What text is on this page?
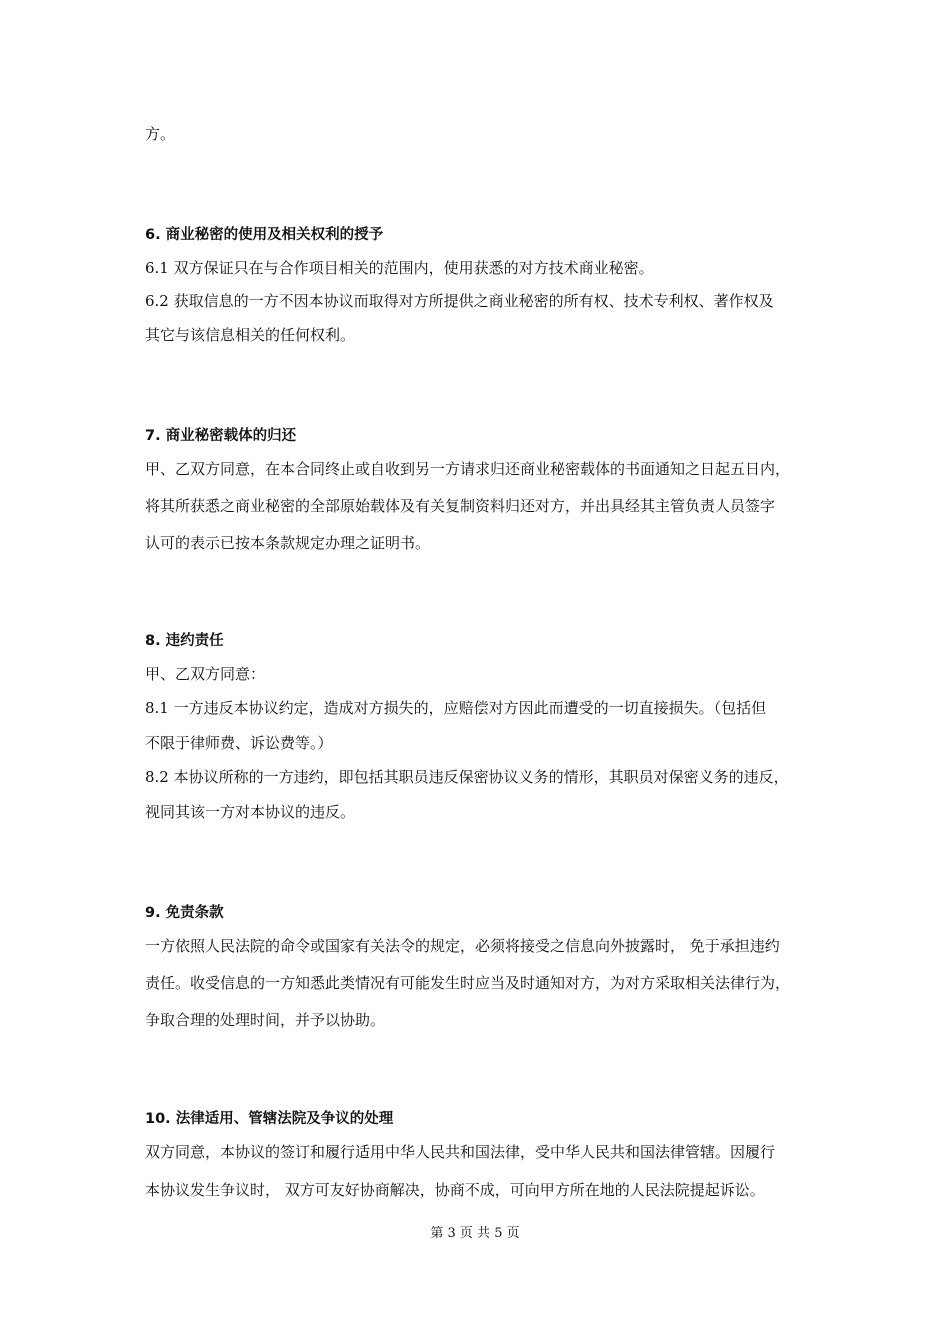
方。

6. 商业秘密的使用及相关权利的授予

6.1 双方保证只在与合作项目相关的范围内，使用获悉的对方技术商业秘密。

6.2 获取信息的一方不因本协议而取得对方所提供之商业秘密的所有权、技术专利权、著作权及

其它与该信息相关的任何权利。

7. 商业秘密载体的归还

甲、乙双方同意，在本合同终止或自收到另一方请求归还商业秘密载体的书面通知之日起五日内，

将其所获悉之商业秘密的全部原始载体及有关复制资料归还对方，并出具经其主管负责人员签字

认可的表示已按本条款规定办理之证明书。

8. 违约责任

甲、乙双方同意：

8.1 一方违反本协议约定，造成对方损失的，应赔偿对方因此而遭受的一切直接损失。（包括但

不限于律师费、诉讼费等。）

8.2 本协议所称的一方违约，即包括其职员违反保密协议义务的情形，其职员对保密义务的违反，

视同其该一方对本协议的违反。

9. 免责条款

一方依照人民法院的命令或国家有关法令的规定，必须将接受之信息向外披露时， 免于承担违约

责任。收受信息的一方知悉此类情况有可能发生时应当及时通知对方，为对方采取相关法律行为，

争取合理的处理时间，并予以协助。

10. 法律适用、管辖法院及争议的处理

双方同意，本协议的签订和履行适用中华人民共和国法律，受中华人民共和国法律管辖。因履行

本协议发生争议时， 双方可友好协商解决，协商不成，可向甲方所在地的人民法院提起诉讼。

第 3 页 共 5 页
